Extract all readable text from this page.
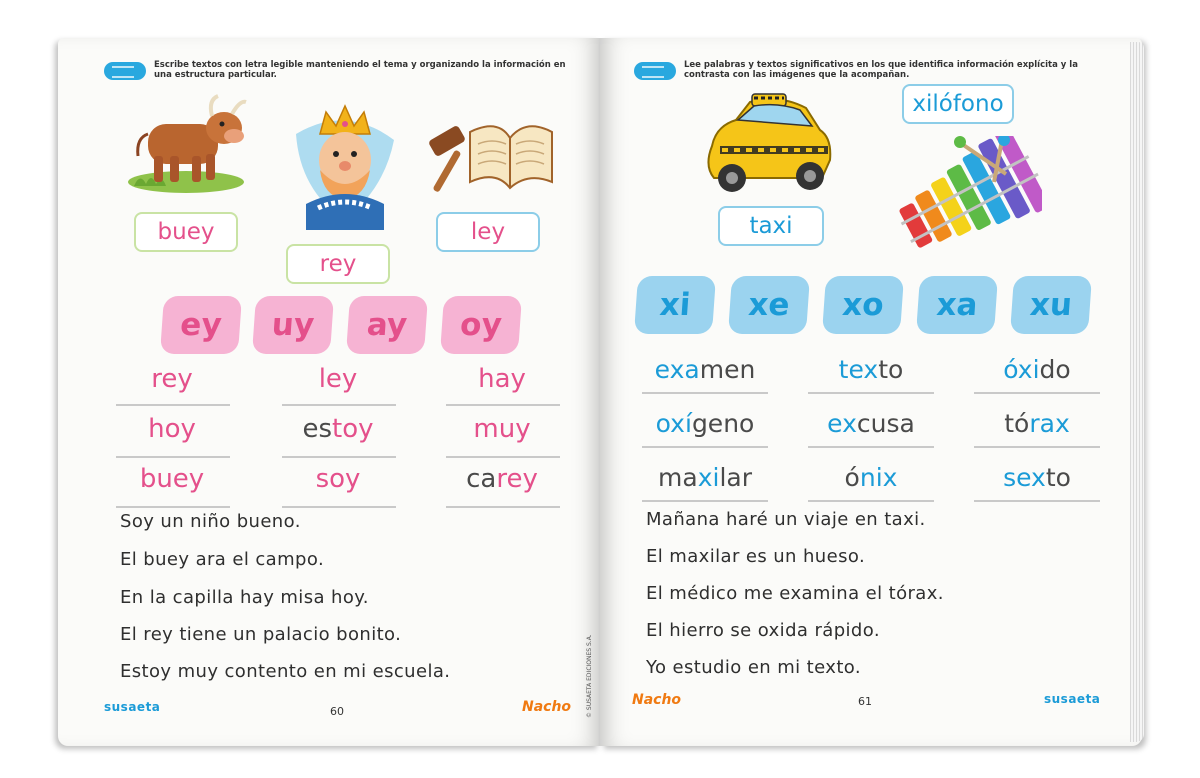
Escribe textos con letra legible manteniendo el tema y organizando la información en una estructura particular.
buey
rey
ley
ey	uy	ay	oy
rey	ley	hay
hoy	es toy	muy
buey	soy	ca rey
Soy un niño bueno.
El buey ara el campo.
En la capilla hay misa hoy.
El rey tiene un palacio bonito.
Estoy muy contento en mi escuela.
susaeta	60	Nacho © SUSAETA EDICIONES S.A.
Lee palabras y textos significativos en los que identifica información explícita y la contrasta con las imágenes que la acompañan.
taxi
xilófono
xi	xe	xo	xa	xu
exa men	tex to	óxi do
oxí geno	ex cusa	tó rax
ma xi lar	ó nix	sex to
Mañana haré un viaje en taxi.
El maxilar es un hueso.
El médico me examina el tórax.
El hierro se oxida rápido.
Yo estudio en mi texto.
Nacho	61	susaeta
